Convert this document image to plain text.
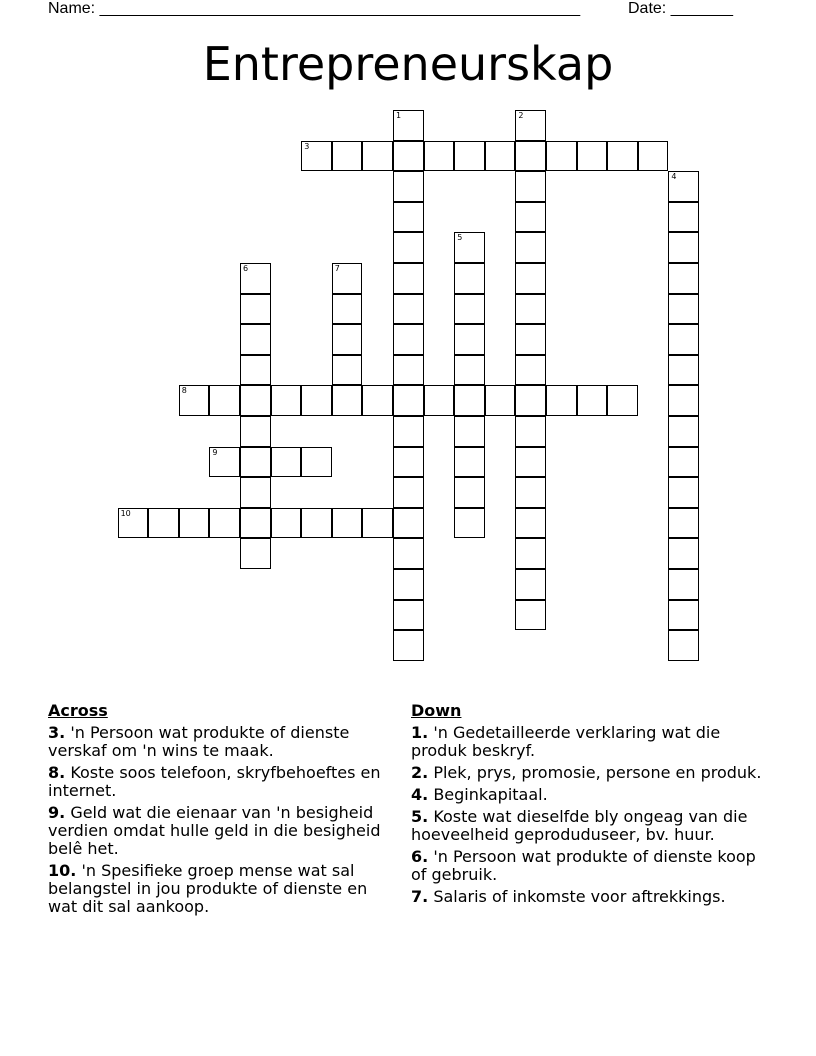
Name: ______________________________________________________	Date: _______
Entrepreneurskap
1	2
3
4
5
6	7
8
9
10
Across
3. 'n Persoon wat produkte of dienste verskaf om 'n wins te maak.
8. Koste soos telefoon, skryfbehoeftes en internet.
9. Geld wat die eienaar van 'n besigheid verdien omdat hulle geld in die besigheid belê het.
10. 'n Spesifieke groep mense wat sal belangstel in jou produkte of dienste en wat dit sal aankoop.
Down
1. 'n Gedetailleerde verklaring wat die produk beskryf.
2. Plek, prys, promosie, persone en produk.
4. Beginkapitaal.
5. Koste wat dieselfde bly ongeag van die hoeveelheid geproduduseer, bv. huur.
6. 'n Persoon wat produkte of dienste koop of gebruik.
7. Salaris of inkomste voor aftrekkings.
